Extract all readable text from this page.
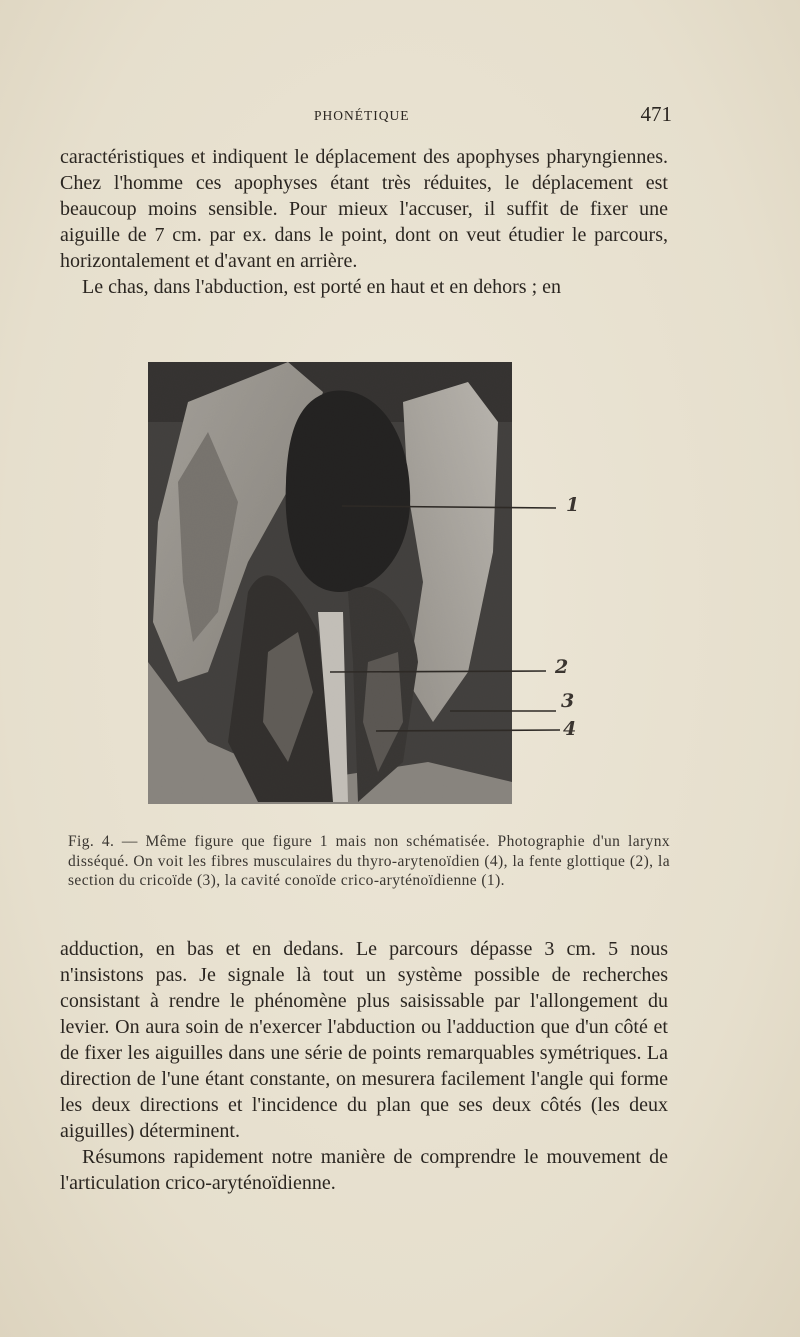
PHONÉTIQUE	471

caractéristiques et indiquent le déplacement des apophyses pharyngiennes. Chez l'homme ces apophyses étant très réduites, le déplacement est beaucoup moins sensible. Pour mieux l'accuser, il suffit de fixer une aiguille de 7 cm. par ex. dans le point, dont on veut étudier le parcours, horizontalement et d'avant en arrière.

Le chas, dans l'abduction, est porté en haut et en dehors ; en

1
2
3
4

Fig. 4. — Même figure que figure 1 mais non schématisée. Photographie d'un larynx disséqué. On voit les fibres musculaires du thyro-arytenoïdien (4), la fente glottique (2), la section du cricoïde (3), la cavité conoïde crico-aryténoïdienne (1).

adduction, en bas et en dedans. Le parcours dépasse 3 cm. 5 nous n'insistons pas. Je signale là tout un système possible de recherches consistant à rendre le phénomène plus saisissable par l'allongement du levier. On aura soin de n'exercer l'abduction ou l'adduction que d'un côté et de fixer les aiguilles dans une série de points remarquables symétriques. La direction de l'une étant constante, on mesurera facilement l'angle qui forme les deux directions et l'incidence du plan que ses deux côtés (les deux aiguilles) déterminent.

Résumons rapidement notre manière de comprendre le mouvement de l'articulation crico-aryténoïdienne.
